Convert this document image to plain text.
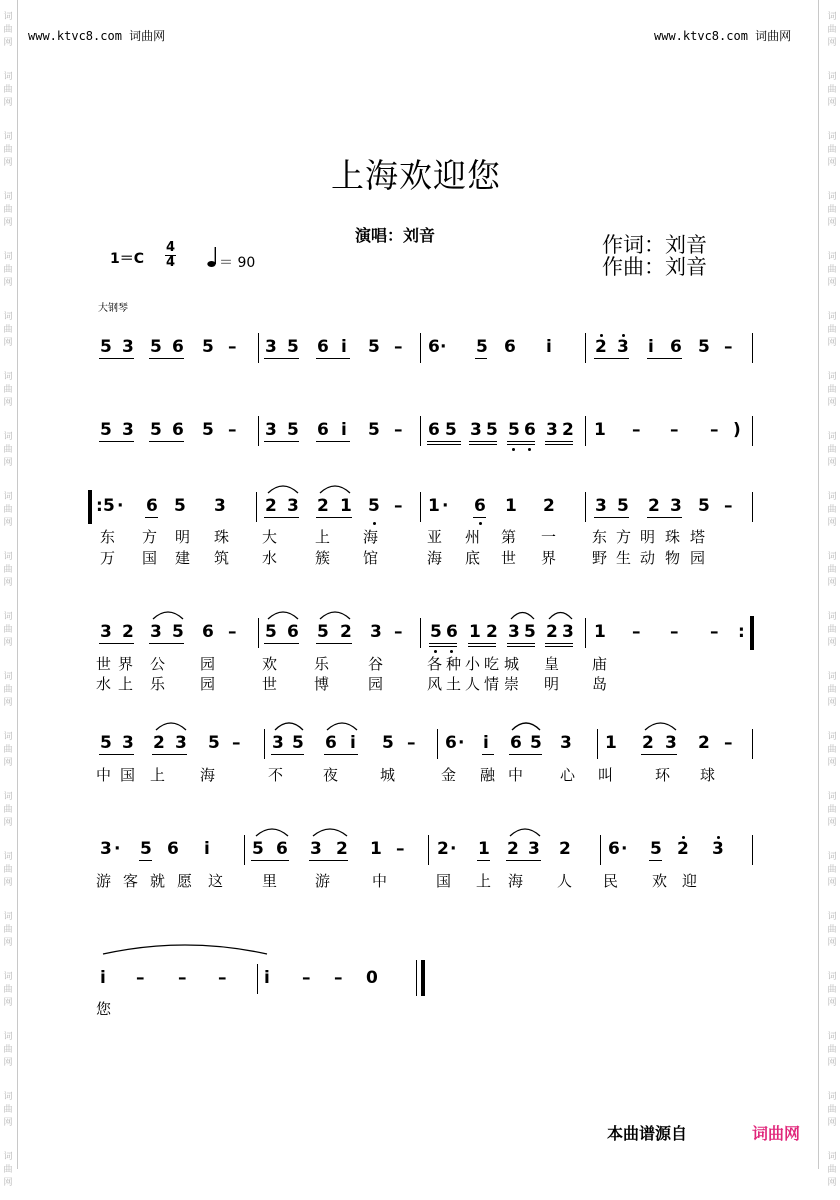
词
曲
网
词
曲
网
词
曲
网
词
曲
网
词
曲
网
词
曲
网
词
曲
网
词
曲
网
词
曲
网
词
曲
网
词
曲
网
词
曲
网
词
曲
网
词
曲
网
词
曲
网
词
曲
网
词
曲
网
词
曲
网
词
曲
网
词
曲
网
词
曲
网
词
曲
网
词
曲
网
词
曲
网
词
曲
网
词
曲
网
词
曲
网
词
曲
网
词
曲
网
词
曲
网
词
曲
网
词
曲
网
词
曲
网
词
曲
网
词
曲
网
词
曲
网
词
曲
网
词
曲
网
词
曲
网
词
曲
网
www.ktvc8.com 词曲网	www.ktvc8.com 词曲网
上海欢迎您
演唱：刘音	作词：刘音
作曲：刘音
1＝C
4
4	＝ 90
大钢琴
5 3 5 6 5 – 3 5 6 i 5 – 6 · 5 6 i	2 3 i 6 5 –
5 3 5 6 5 – 3 5 6 i 5 – 6 5 3 5 5 6 3 2 1 – – – )
: 5 · 6 5 3 2 3 2 1 5 – 1 · 6 1 2 3 5 2 3 5 –
东 方 明 珠 大	上 海	亚 州 第 一 东 方 明 珠 塔
万 国 建 筑 水	簇 馆	海 底 世 界 野 生 动 物 园
3 2 3 5 6 – 5 6 5 2 3 – 5 6 1 2 3 5 2 3 1 – – – :
世 界 公 园	欢 乐	谷	各 种 小 吃 城 皇 庙
水 上 乐 园	世 博	园	风 土 人 情 崇 明 岛
5 3 2 3 5 – 3 5 6 i 5 – 6 · i 6 5 3 1 2 3 2 –
中 国 上 海	不	夜	城	金 融 中 心 叫	环 球
3 · 5 6 i 5 6 3 2 1 – 2 · 1 2 3 2 6 · 5 2 3
游 客 就 愿 这	里	游	中	国 上 海 人 民 欢 迎
i – – – i – – 0
您
本曲谱源自	词曲网
